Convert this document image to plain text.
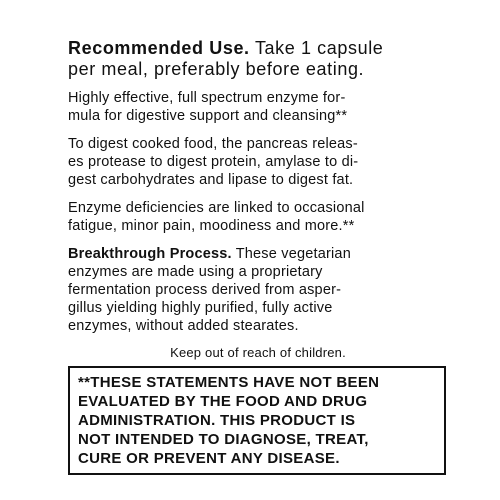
Recommended Use. Take 1 capsule
per meal, preferably before eating.

Highly effective, full spectrum enzyme for-
mula for digestive support and cleansing**

To digest cooked food, the pancreas releas-
es protease to digest protein, amylase to di-
gest carbohydrates and lipase to digest fat.

Enzyme deficiencies are linked to occasional
fatigue, minor pain, moodiness and more.**

Breakthrough Process. These vegetarian
enzymes are made using a proprietary
fermentation process derived from asper-
gillus yielding highly purified, fully active
enzymes, without added stearates.

Keep out of reach of children.

**THESE STATEMENTS HAVE NOT BEEN
EVALUATED BY THE FOOD AND DRUG
ADMINISTRATION. THIS PRODUCT IS
NOT INTENDED TO DIAGNOSE, TREAT,
CURE OR PREVENT ANY DISEASE.
